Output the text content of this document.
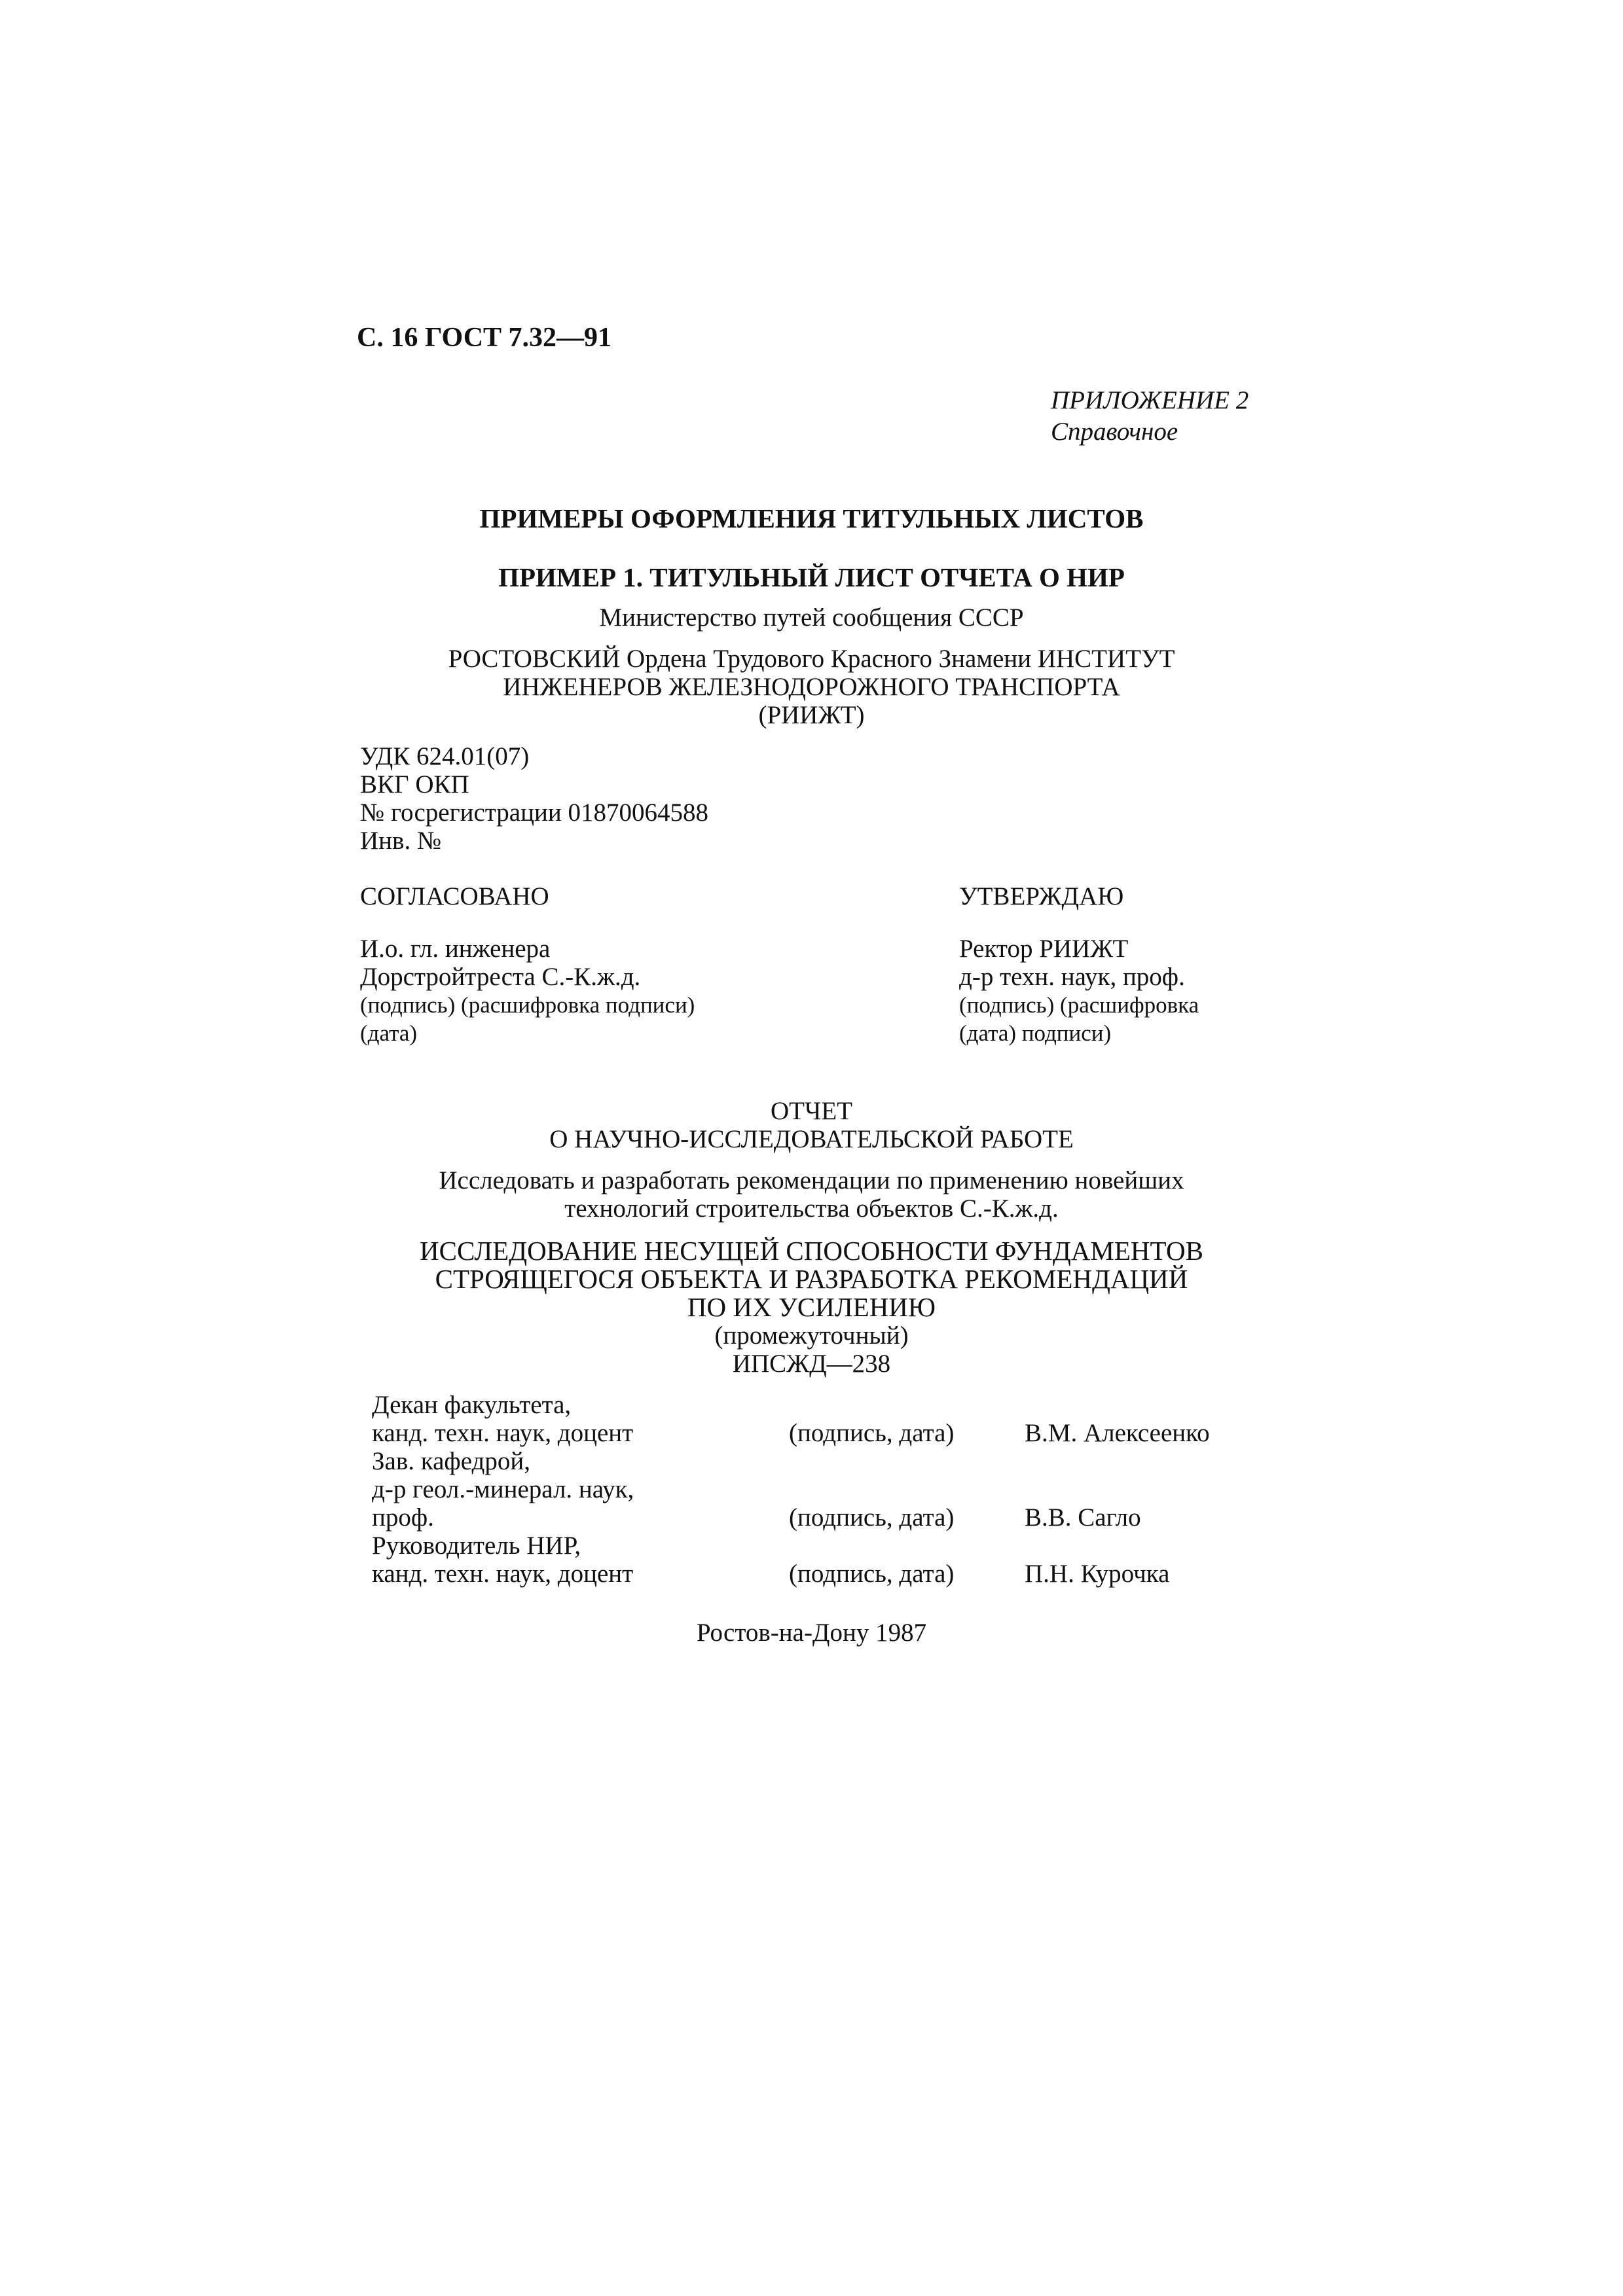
С. 16 ГОСТ 7.32—91
ПРИЛОЖЕНИЕ 2
Справочное
ПРИМЕРЫ ОФОРМЛЕНИЯ ТИТУЛЬНЫХ ЛИСТОВ
ПРИМЕР 1. ТИТУЛЬНЫЙ ЛИСТ ОТЧЕТА О НИР
Министерство путей сообщения СССР
РОСТОВСКИЙ Ордена Трудового Красного Знамени ИНСТИТУТ
ИНЖЕНЕРОВ ЖЕЛЕЗНОДОРОЖНОГО ТРАНСПОРТА
(РИИЖТ)
УДК 624.01(07)
ВКГ ОКП
№ госрегистрации 01870064588
Инв. №
СОГЛАСОВАНО
И.о. гл. инженера
Дорстройтреста С.-К.ж.д.
(подпись) (расшифровка подписи)
(дата)
УТВЕРЖДАЮ
Ректор РИИЖТ
д-р техн. наук, проф.
(подпись) (расшифровка
(дата) подписи)
ОТЧЕТ
О НАУЧНО-ИССЛЕДОВАТЕЛЬСКОЙ РАБОТЕ
Исследовать и разработать рекомендации по применению новейших
технологий строительства объектов С.-К.ж.д.
ИССЛЕДОВАНИЕ НЕСУЩЕЙ СПОСОБНОСТИ ФУНДАМЕНТОВ
СТРОЯЩЕГОСЯ ОБЪЕКТА И РАЗРАБОТКА РЕКОМЕНДАЦИЙ
ПО ИХ УСИЛЕНИЮ
(промежуточный)
ИПСЖД—238
Декан факультета,
канд. техн. наук, доцент	(подпись, дата)	В.М. Алексеенко
Зав. кафедрой,
д-р геол.-минерал. наук,
проф.	(подпись, дата)	В.В. Сагло
Руководитель НИР,
канд. техн. наук, доцент	(подпись, дата)	П.Н. Курочка
Ростов-на-Дону 1987
